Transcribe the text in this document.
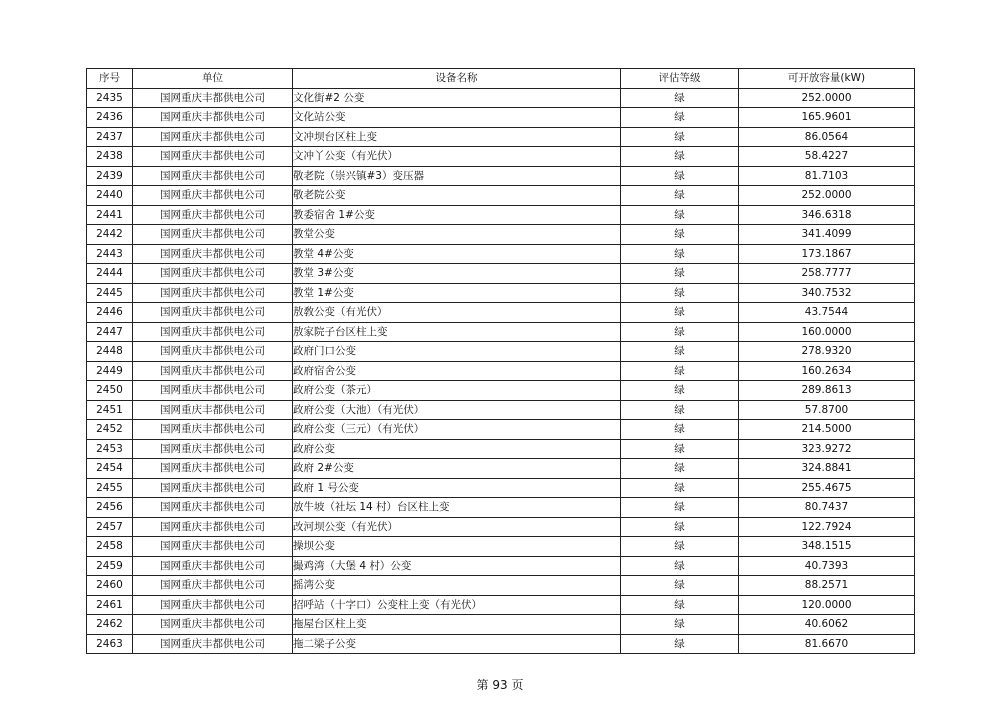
序号	单位	设备名称	评估等级	可开放容量(kW)
2435	国网重庆丰都供电公司	文化街#2 公变	绿	252.0000
2436	国网重庆丰都供电公司	文化站公变	绿	165.9601
2437	国网重庆丰都供电公司	文冲坝台区柱上变	绿	86.0564
2438	国网重庆丰都供电公司	文冲丫公变（有光伏）	绿	58.4227
2439	国网重庆丰都供电公司	敬老院（崇兴镇#3）变压器	绿	81.7103
2440	国网重庆丰都供电公司	敬老院公变	绿	252.0000
2441	国网重庆丰都供电公司	教委宿舍 1#公变	绿	346.6318
2442	国网重庆丰都供电公司	教堂公变	绿	341.4099
2443	国网重庆丰都供电公司	教堂 4#公变	绿	173.1867
2444	国网重庆丰都供电公司	教堂 3#公变	绿	258.7777
2445	国网重庆丰都供电公司	教堂 1#公变	绿	340.7532
2446	国网重庆丰都供电公司	敖敎公变（有光伏）	绿	43.7544
2447	国网重庆丰都供电公司	敖家院子台区柱上变	绿	160.0000
2448	国网重庆丰都供电公司	政府门口公变	绿	278.9320
2449	国网重庆丰都供电公司	政府宿舍公变	绿	160.2634
2450	国网重庆丰都供电公司	政府公变（茶元）	绿	289.8613
2451	国网重庆丰都供电公司	政府公变（大池）（有光伏）	绿	57.8700
2452	国网重庆丰都供电公司	政府公变（三元）（有光伏）	绿	214.5000
2453	国网重庆丰都供电公司	政府公变	绿	323.9272
2454	国网重庆丰都供电公司	政府 2#公变	绿	324.8841
2455	国网重庆丰都供电公司	政府 1 号公变	绿	255.4675
2456	国网重庆丰都供电公司	放牛坡（社坛 14 村）台区柱上变	绿	80.7437
2457	国网重庆丰都供电公司	改河坝公变（有光伏）	绿	122.7924
2458	国网重庆丰都供电公司	操坝公变	绿	348.1515
2459	国网重庆丰都供电公司	撮鸡湾（大堡 4 村）公变	绿	40.7393
2460	国网重庆丰都供电公司	摇湾公变	绿	88.2571
2461	国网重庆丰都供电公司	招呼站（十字口）公变柱上变（有光伏）	绿	120.0000
2462	国网重庆丰都供电公司	拖屋台区柱上变	绿	40.6062
2463	国网重庆丰都供电公司	拖二梁子公变	绿	81.6670
第 93 页
